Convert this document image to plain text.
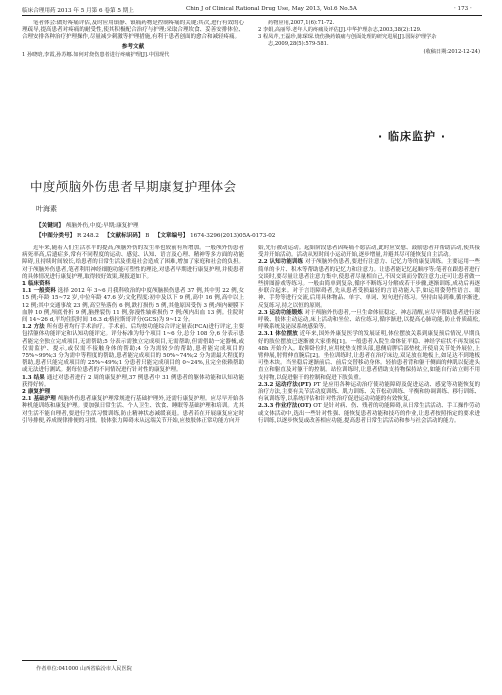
临床合理用药 2013 年 5 月第 6 卷第 5 期上	Chin J of Clinical Rational Drug Use, May 2013, Vol.6 No.5A	· 173 ·

笔者体会:做好疼痛评估,及时应用镇静、镇痛药物是控制疼痛的关键;其次,进行有效的心理疏导,提高患者对疼痛的耐受性,使其积极配合治疗与护理;采取合理坎食、妥善安排体位、合理安排各种治疗护理操作,尽量减少刺激等护理措施,有利于患者创面的愈合和减轻疼痛。

参考文献

1 孙晓晗,李霞,孙苏娜.如何对烧伤患者进行疼痛护理[J].中国现代

药物应用,2007,1(6):71-72.

2 李娟,高丽琴.老年人的疼痛及评估[J].中华护理杂志,2003,38(2):129.

3 程凤芹,王磊珍,陈琛琛.烧伤换药镇痛与创面处理的研究进展[J].国际护理学杂志,2009,28(5):579-581.

(收稿日期:2012-12-24)

· 临床监护 ·
中度颅脑外伤患者早期康复护理体会
叶海素
【关键词】 颅脑外伤,中度;早期;康复护理
【中图分类号】 R 248.2 【文献标识码】 B 【文章编号】 1674-3296(2013)05A-0173-02

近年来,随着人们生活水平的提高,颅脑外伤的发生率也较前有所增加。一般颅外伤患者病死率高,后遗症多,常有不同程度的运动、感觉、认知、语言及心理、精神等多方面的功能障碍,且持续时间较长,给患者的日常生活及重返社会造成了困难,增加了家庭和社会的负担。对于颅脑外伤患者,笔者利用神经细胞功能可塑性的理论,对患者早期进行康复护理,并使患者的具体情况进行康复护理,取得较好效果,现报道如下。

1 临床资料

1.1 一般资料 选择 2012 年 3~6 月我科收治的中度颅脑损伤患者 37 例,其中男 22 例,女 15 例;年龄 15~72 岁,中位年龄 47.6 岁;文化程度:初中及以下 9 例,高中 16 例,高中以上 12 例;其中交通事故 23 例,高空坠落伤 6 例,跌打损伤 5 例,其他原因受伤 3 例;颅内硬膜下血肿 10 例,颅底骨折 9 例,脑挫裂伤 11 例,弥漫性轴索损伤 7 例;颅内出血 13 例。住院时间 14~26 d,平均住院时间 16.3 d;格拉斯哥评分(GCS)为 9~12 分。

1.2 方法 所有患者均行手术治疗。手术前、后均按功能综合评定量表(FCA)进行评定,主要包括躯体功能评定和认知功能评定。评分标准为每个项目 1~6 分,总分 108 分,6 分表示患者能完全独立完成项目,无需帮助;5 分表示需独立完成项目,无需帮助,但需借助一定器械,或仅需监护、提示,或仅需不接触身体的帮助;4 分为需较少的帮助,患者能完成项目的 75%~99%;3 分为需中等程度的帮助,患者能完成项目的 50%~74%;2 分为需最大程度的帮助,患者只能完成项目的 25%~49%;1 分患者只能完成项目的 0~24%,且完全依赖帮助或无法进行测试。据每位患者的不同情况进行针对性的康复护理。

1.3 结果 通过对患者进行 2 周的康复护理,37 例患者中 31 例患者的躯体功能和认知功能获得好转。

2 康复护理

2.1 基础护理 颅脑外伤患者康复护理常规进行基础护理外,还需行康复护理。应尽早开始各种机能训练和康复护理。要加强日常生活、个人卫生、饮食、睡眠等基础护理和培训。尤其对生活不能自理者,要进行生活习惯训练,防止精神状态减缓衰退。患者若在开展康复应定时引导排便,养成规律排便的习惯。肢体张力障碍未从远端关节开始,应按肢体正常功能方向开

作者单位:041000 山西省临汾市人民医院

始,先行被动运动。起始阶段患者因疼痛不愿活动,此时应安慰、鼓励患者并帮助活动,使其接受并开始活动。活动从短时间小运动开始,逐步增量,并避其尽可能恢复自主活动。

2.2 认知功能训练 对于颅脑外伤患者,要进行注意力、记忆力等的康复训练。主要运用一些简单的卡片、积木等帮助患者的记忆力和注意力。让患者能记忆起顺序等;笔者在跟患者进行交谈时,要尽量让患者注意力集中,使患者尽量相自己,不因交谈而分散注意力;还可让患者做一些拼图游戏等练习。一般由简单到复杂,循序不断练习分解成若干步骤,逐渐训练,成功后再逐步联合起来。对于言语障碍者,先从患者受损最轻的言语功能入手,如运用姿势性语言、眼神、手势等进行交流,后用具体物品、单字、单词、短句进行练习。坚持由易到难,循序渐进,反复练习,持之以恒的原则。

2.3 运动功能锻炼 对于颅脑外伤患者,一旦生命体征稳定、神志清醒,应尽早帮助患者进行深呼吸、肢体主动运动,床上活动和坐位、站位练习,循序渐进,以提高心肺功能,防止骨质疏松,呼吸系统及泌尿系统感染等。

2.3.1 体位摆放 近年来,国外外康复医学的发展证明,体位摆放关系到康复预后情况,早期良好的肢位摆放已逐渐被大家重视[1]。一般患者入院生命体征平稳、神经学症状不再发展后 48h 开始介入。取仰卧位时,应用枕垫支撑头部,患侧肩胛后部垫枕,开使肩关节处外展位,上臂伸展,肘臂伸直腕后[2]。坐位训练时,让患者在治疗床边,双足放在地板上,如足达不到地板可垫木块。当坐稳后逐渐前后、前后交替移动身体。轻抬患者背和躯干侧面的伸肌以促进头直立和躯直及对躯干的控制。站位训练时,让患者借助支持物保持站立,如能自行站立则不用支持物,以促进躯干的控制和促进下肢负重。

2.3.2 运动疗法(PT) PT 是应用各种运动治疗使功能障碍及促进运动、感觉等功能恢复的治疗方法,主要有关节活动度训练、肌力训练、关节松动训练、平衡和协调训练、移行训练、有氧训练等,以系统评估和针对性治疗促进运动功能的有效恢复。

2.3.3 作业疗法(OT) OT 是针对病、伤、残者的功能障碍,从日常生活活动、手工操作劳动或文体活动中,选出一些针对性强、能恢复患者功能和技巧的作业,让患者按照指定的要求进行训练,以逐步恢复或改善相应功能,提高患者日常生活活动和参与社会活动的能力。
